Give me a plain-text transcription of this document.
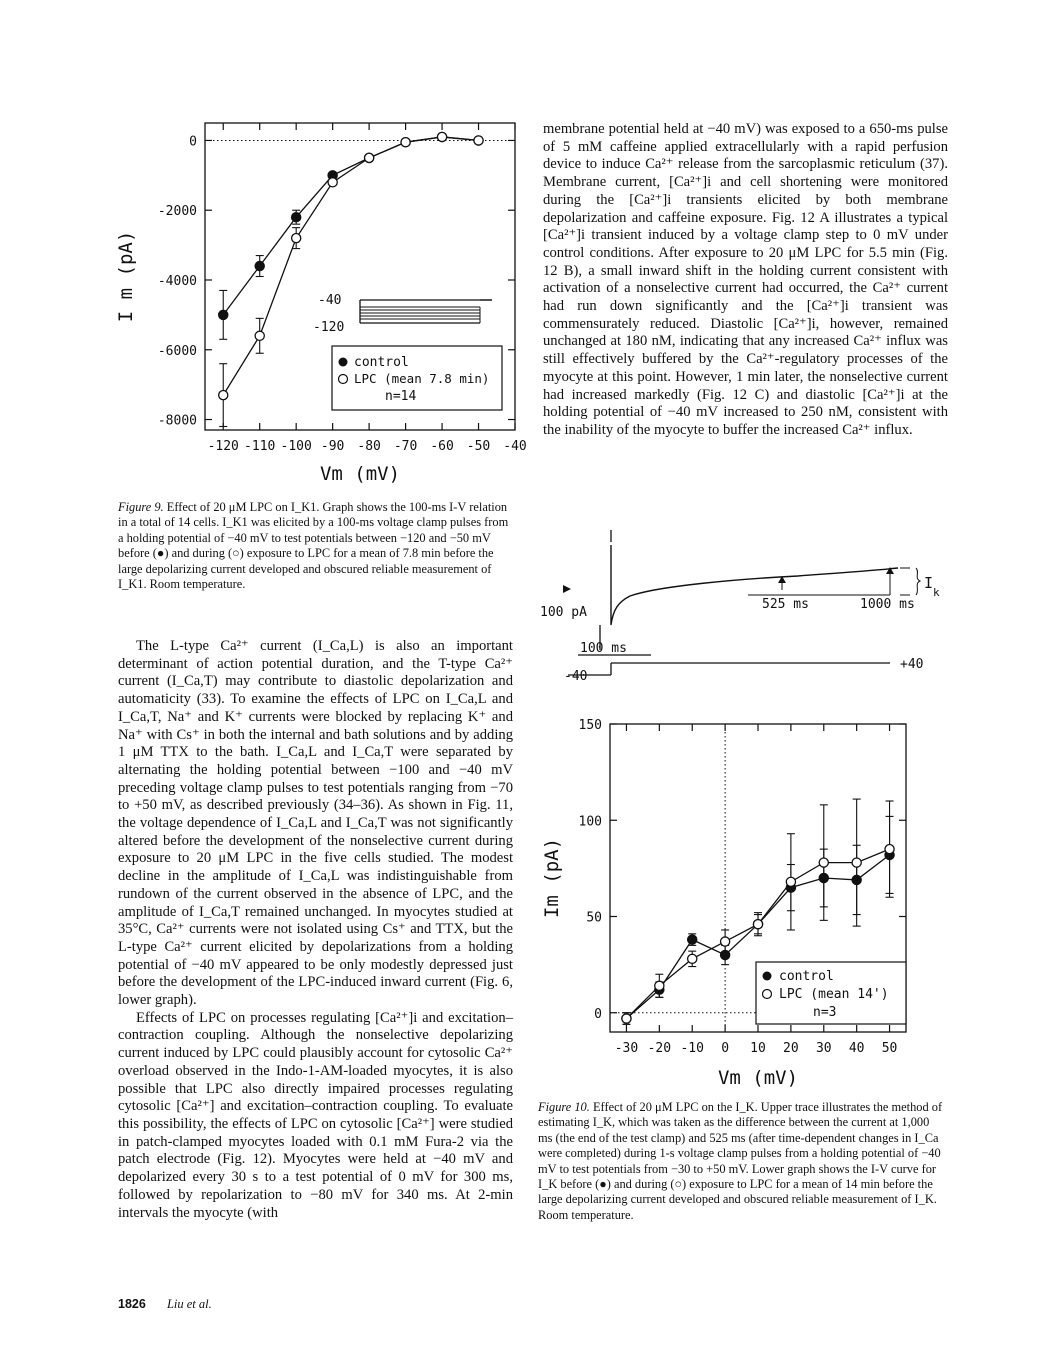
-120 -110 -100 -90 -80 -70 -60 -50 -40
0
-2000
-4000
-6000
-8000
Vm (mV)
I m (pA)	-40
-120
control
LPC (mean 7.8 min)
n=14
Figure 9. Effect of 20 μM LPC on I_K1. Graph shows the 100-ms I-V relation in a total of 14 cells. I_K1 was elicited by a 100-ms voltage clamp pulses from a holding potential of −40 mV to test potentials between −120 and −50 mV before (●) and during (○) exposure to LPC for a mean of 7.8 min before the large depolarizing current developed and obscured reliable measurement of I_K1. Room temperature.

The L-type Ca²⁺ current (I_Ca,L) is also an important determinant of action potential duration, and the T-type Ca²⁺ current (I_Ca,T) may contribute to diastolic depolarization and automaticity (33). To examine the effects of LPC on I_Ca,L and I_Ca,T, Na⁺ and K⁺ currents were blocked by replacing K⁺ and Na⁺ with Cs⁺ in both the internal and bath solutions and by adding 1 μM TTX to the bath. I_Ca,L and I_Ca,T were separated by alternating the holding potential between −100 and −40 mV preceding voltage clamp pulses to test potentials ranging from −70 to +50 mV, as described previously (34–36). As shown in Fig. 11, the voltage dependence of I_Ca,L and I_Ca,T was not significantly altered before the development of the nonselective current during exposure to 20 μM LPC in the five cells studied. The modest decline in the amplitude of I_Ca,L was indistinguishable from rundown of the current observed in the absence of LPC, and the amplitude of I_Ca,T remained unchanged. In myocytes studied at 35°C, Ca²⁺ currents were not isolated using Cs⁺ and TTX, but the L-type Ca²⁺ current elicited by depolarizations from a holding potential of −40 mV appeared to be only modestly depressed just before the development of the LPC-induced inward current (Fig. 6, lower graph).

Effects of LPC on processes regulating [Ca²⁺]i and excitation–contraction coupling. Although the nonselective depolarizing current induced by LPC could plausibly account for cytosolic Ca²⁺ overload observed in the Indo-1-AM-loaded myocytes, it is also possible that LPC also directly impaired processes regulating cytosolic [Ca²⁺] and excitation–contraction coupling. To evaluate this possibility, the effects of LPC on cytosolic [Ca²⁺] were studied in patch-clamped myocytes loaded with 0.1 mM Fura-2 via the patch electrode (Fig. 12). Myocytes were held at −40 mV and depolarized every 30 s to a test potential of 0 mV for 300 ms, followed by repolarization to −80 mV for 340 ms. At 2-min intervals the myocyte (with

membrane potential held at −40 mV) was exposed to a 650-ms pulse of 5 mM caffeine applied extracellularly with a rapid perfusion device to induce Ca²⁺ release from the sarcoplasmic reticulum (37). Membrane current, [Ca²⁺]i and cell shortening were monitored during the [Ca²⁺]i transients elicited by both membrane depolarization and caffeine exposure. Fig. 12 A illustrates a typical [Ca²⁺]i transient induced by a voltage clamp step to 0 mV under control conditions. After exposure to 20 μM LPC for 5.5 min (Fig. 12 B), a small inward shift in the holding current consistent with activation of a nonselective current had occurred, the Ca²⁺ current had run down significantly and the [Ca²⁺]i transient was commensurately reduced. Diastolic [Ca²⁺]i, however, remained unchanged at 180 nM, indicating that any increased Ca²⁺ influx was still effectively buffered by the Ca²⁺-regulatory processes of the myocyte at this point. However, 1 min later, the nonselective current had increased markedly (Fig. 12 C) and diastolic [Ca²⁺]i at the holding potential of −40 mV increased to 250 nM, consistent with the inability of the myocyte to buffer the increased Ca²⁺ influx.

I
k
100 pA
525 ms	1000 ms
100 ms
-40
+40
-30 -20 -10 0 10 20 30 40 50
0
50
100
150
Vm (mV)
Im (pA)
control
LPC (mean 14')
n=3
Figure 10. Effect of 20 μM LPC on the I_K. Upper trace illustrates the method of estimating I_K, which was taken as the difference between the current at 1,000 ms (the end of the test clamp) and 525 ms (after time-dependent changes in I_Ca were completed) during 1-s voltage clamp pulses from a holding potential of −40 mV to test potentials from −30 to +50 mV. Lower graph shows the I-V curve for I_K before (●) and during (○) exposure to LPC for a mean of 14 min before the large depolarizing current developed and obscured reliable measurement of I_K. Room temperature.
1826 Liu et al.
